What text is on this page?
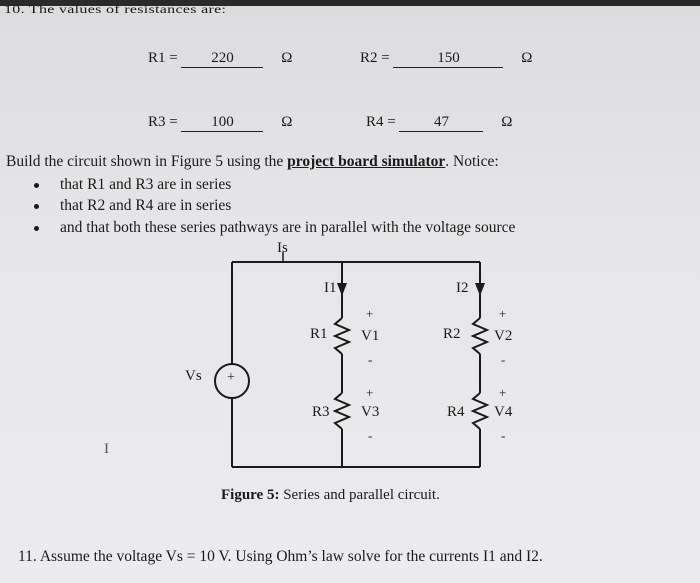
10. The values of resistances are:
R1 = 220	Ω	R2 =	150	Ω
R3 = 100	Ω	R4 =	47	Ω
Build the circuit shown in Figure 5 using the project board simulator. Notice:
that R1 and R3 are in series
that R2 and R4 are in series
and that both these series pathways are in parallel with the voltage source
Is
I1	I2
R1	R2
R3	R4
V1	V2
V3	V4
+	+
+	+
-	-
-	-
Vs +
Figure 5: Series and parallel circuit.
I
11. Assume the voltage Vs = 10 V. Using Ohm’s law solve for the currents I1 and I2.
